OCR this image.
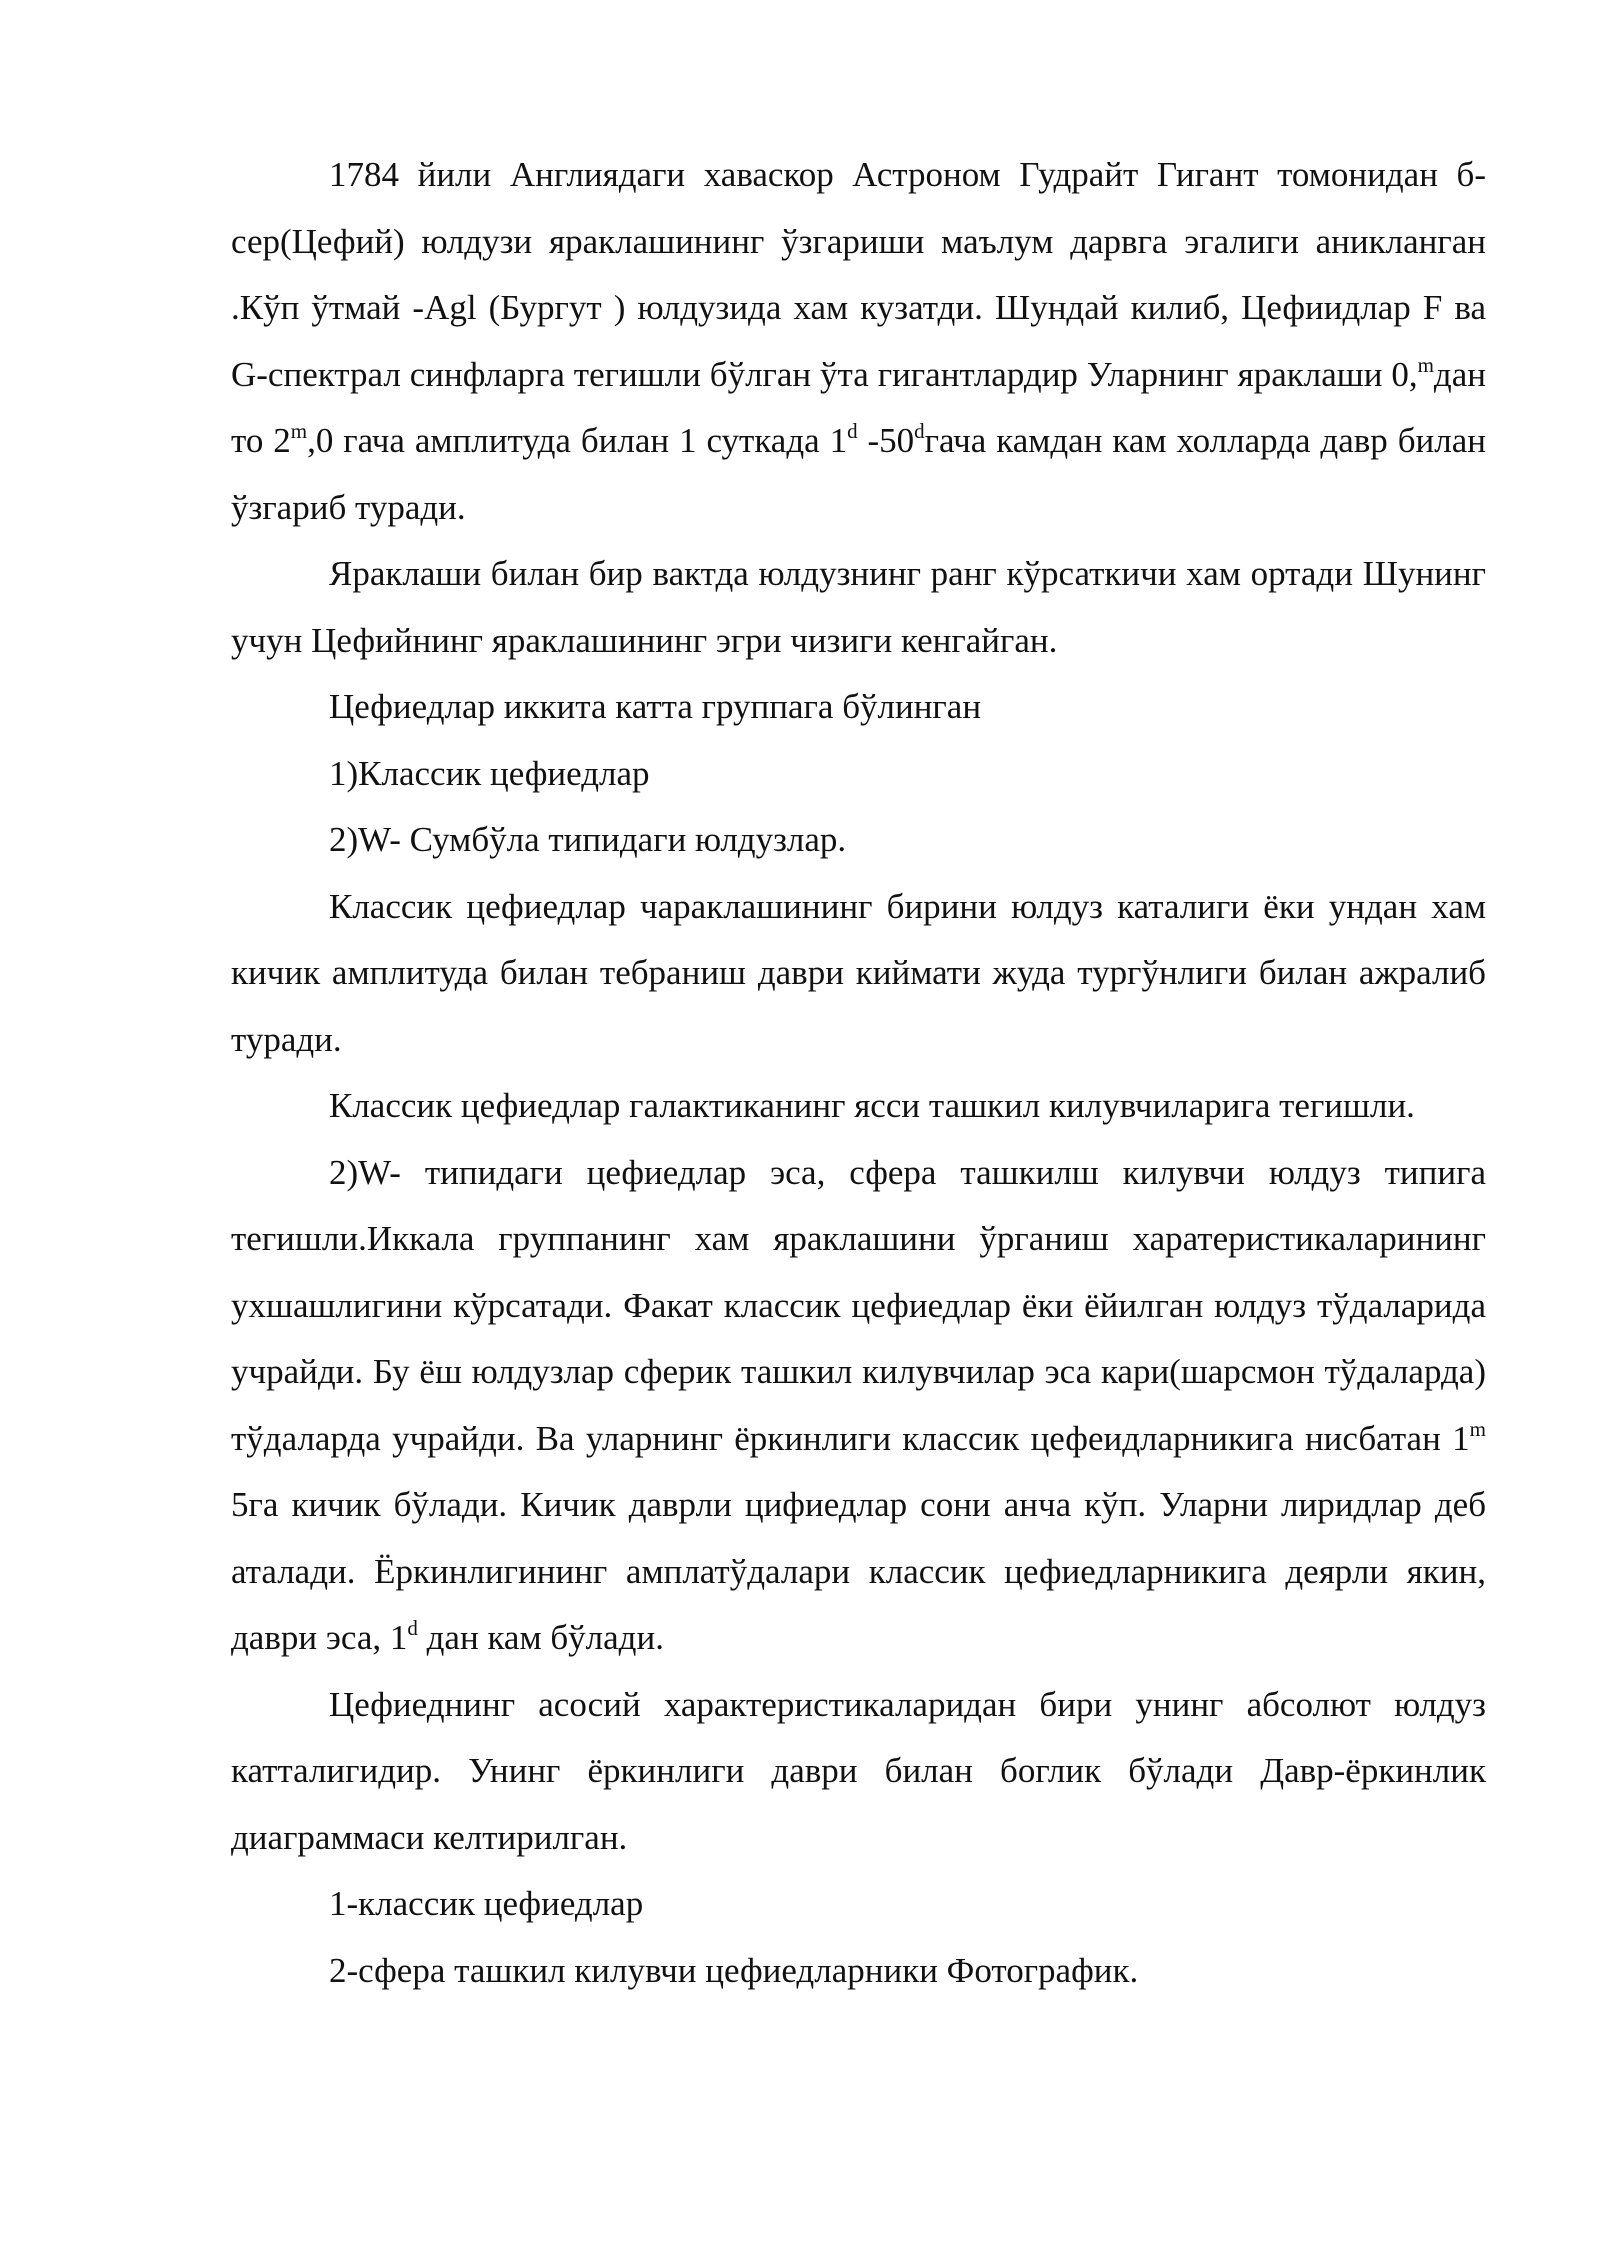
1784 йили Англиядаги хаваскор Астроном Гудрайт Гигант томонидан б-сер(Цефий) юлдузи яраклашининг ўзгариши маълум дарвга эгалиги аникланган .Кўп ўтмай -Agl (Бургут ) юлдузида хам кузатди. Шундай килиб, Цефиидлар F ва G-спектрал синфларга тегишли бўлган ўта гигантлардир Уларнинг яраклаши 0,$^m$дан то 2$^m$,0 гача амплитуда билан 1 суткада 1$^d$ -50$^d$гача камдан кам холларда давр билан ўзгариб туради.

Яраклаши билан бир вактда юлдузнинг ранг кўрсаткичи хам ортади Шунинг учун Цефийнинг яраклашининг эгри чизиги кенгайган.

Цефиедлар иккита катта группага бўлинган

1)Классик цефиедлар

2)W- Сумбўла типидаги юлдузлар.

Классик цефиедлар чараклашининг бирини юлдуз каталиги ёки ундан хам кичик амплитуда билан тебраниш даври киймати жуда тургўнлиги билан ажралиб туради.

Классик цефиедлар галактиканинг ясси ташкил килувчиларига тегишли.

2)W- типидаги цефиедлар эса, сфера ташкилш килувчи юлдуз типига тегишли.Иккала группанинг хам яраклашини ўрганиш харатеристикаларининг ухшашлигини кўрсатади. Факат классик цефиедлар ёки ёйилган юлдуз тўдаларида учрайди. Бу ёш юлдузлар сферик ташкил килувчилар эса кари(шарсмон тўдаларда) тўдаларда учрайди. Ва уларнинг ёркинлиги классик цефеидларникига нисбатан 1$^m$ 5га кичик бўлади. Кичик даврли цифиедлар сони анча кўп. Уларни лиридлар деб аталади. Ёркинлигининг амплатўдалари классик цефиедларникига деярли якин, даври эса, 1$^d$ дан кам бўлади.

Цефиеднинг асосий характеристикаларидан бири унинг абсолют юлдуз катталигидир. Унинг ёркинлиги даври билан боглик бўлади Давр-ёркинлик диаграммаси келтирилган.

1-классик цефиедлар

2-сфера ташкил килувчи цефиедларники Фотографик.
